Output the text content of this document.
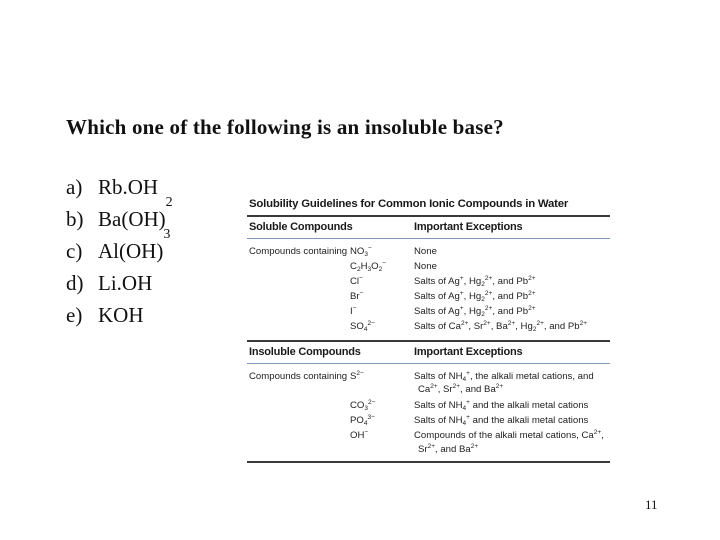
Which one of the following is an insoluble base?
a) Rb.OH
b) Ba(OH)
2
c) Al(OH)
3
d) Li.OH
e) KOH
Solubility Guidelines for Common Ionic Compounds in Water
Soluble Compounds	Important Exceptions
Compounds containing $NO_3^-$	None
$C_2H_3O_2^-$	None
Cl−	Salts of Ag+, $Hg_2^{2+}$, and $Pb^{2+}$
Br−	Salts of Ag+, $Hg_2^{2+}$, and $Pb^{2+}$
I−	Salts of Ag+, $Hg_2^{2+}$, and $Pb^{2+}$
$SO_4^{2-}$	Salts of $Ca^{2+}$, $Sr^{2+}$, $Ba^{2+}$, $Hg_2^{2+}$, and $Pb^{2+}$
Insoluble Compounds	Important Exceptions
Compounds containing $S^{2-}$	Salts of $NH_4^+$, the alkali metal cations, and
$Ca^{2+}$, $Sr^{2+}$, and $Ba^{2+}$
$CO_3^{2-}$	Salts of $NH_4^+$ and the alkali metal cations
$PO_4^{3-}$	Salts of $NH_4^+$ and the alkali metal cations
OH−	Compounds of the alkali metal cations, $Ca^{2+}$,
$Sr^{2+}$, and $Ba^{2+}$
11
